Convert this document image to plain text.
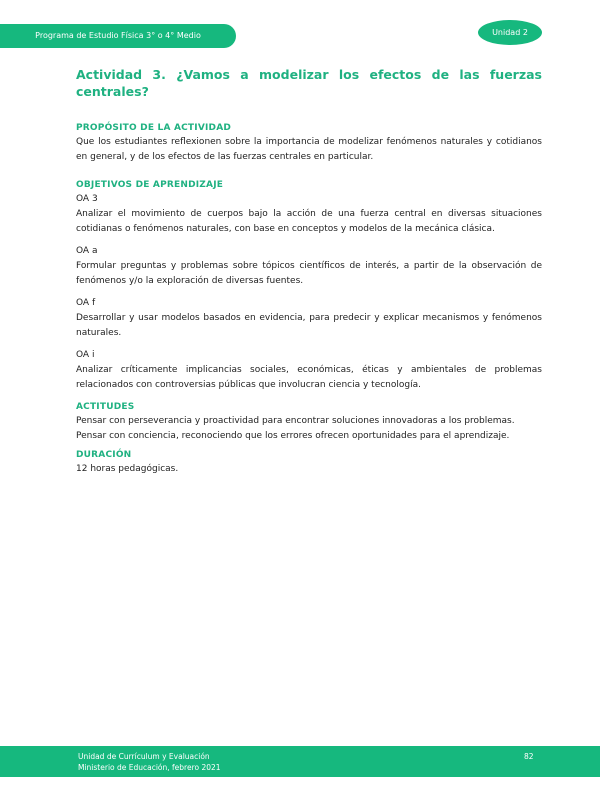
Programa de Estudio Física 3° o 4° Medio	Unidad 2
Actividad 3. ¿Vamos a modelizar los efectos de las fuerzas
centrales?
PROPÓSITO DE LA ACTIVIDAD

Que los estudiantes reflexionen sobre la importancia de modelizar fenómenos naturales y cotidianos en general, y de los efectos de las fuerzas centrales en particular.

OBJETIVOS DE APRENDIZAJE

OA 3

Analizar el movimiento de cuerpos bajo la acción de una fuerza central en diversas situaciones cotidianas o fenómenos naturales, con base en conceptos y modelos de la mecánica clásica.

OA a

Formular preguntas y problemas sobre tópicos científicos de interés, a partir de la observación de fenómenos y/o la exploración de diversas fuentes.

OA f

Desarrollar y usar modelos basados en evidencia, para predecir y explicar mecanismos y fenómenos naturales.

OA i

Analizar críticamente implicancias sociales, económicas, éticas y ambientales de problemas relacionados con controversias públicas que involucran ciencia y tecnología.

ACTITUDES

Pensar con perseverancia y proactividad para encontrar soluciones innovadoras a los problemas.

Pensar con conciencia, reconociendo que los errores ofrecen oportunidades para el aprendizaje.

DURACIÓN

12 horas pedagógicas.

Unidad de Currículum y Evaluación
Ministerio de Educación, febrero 2021
82
